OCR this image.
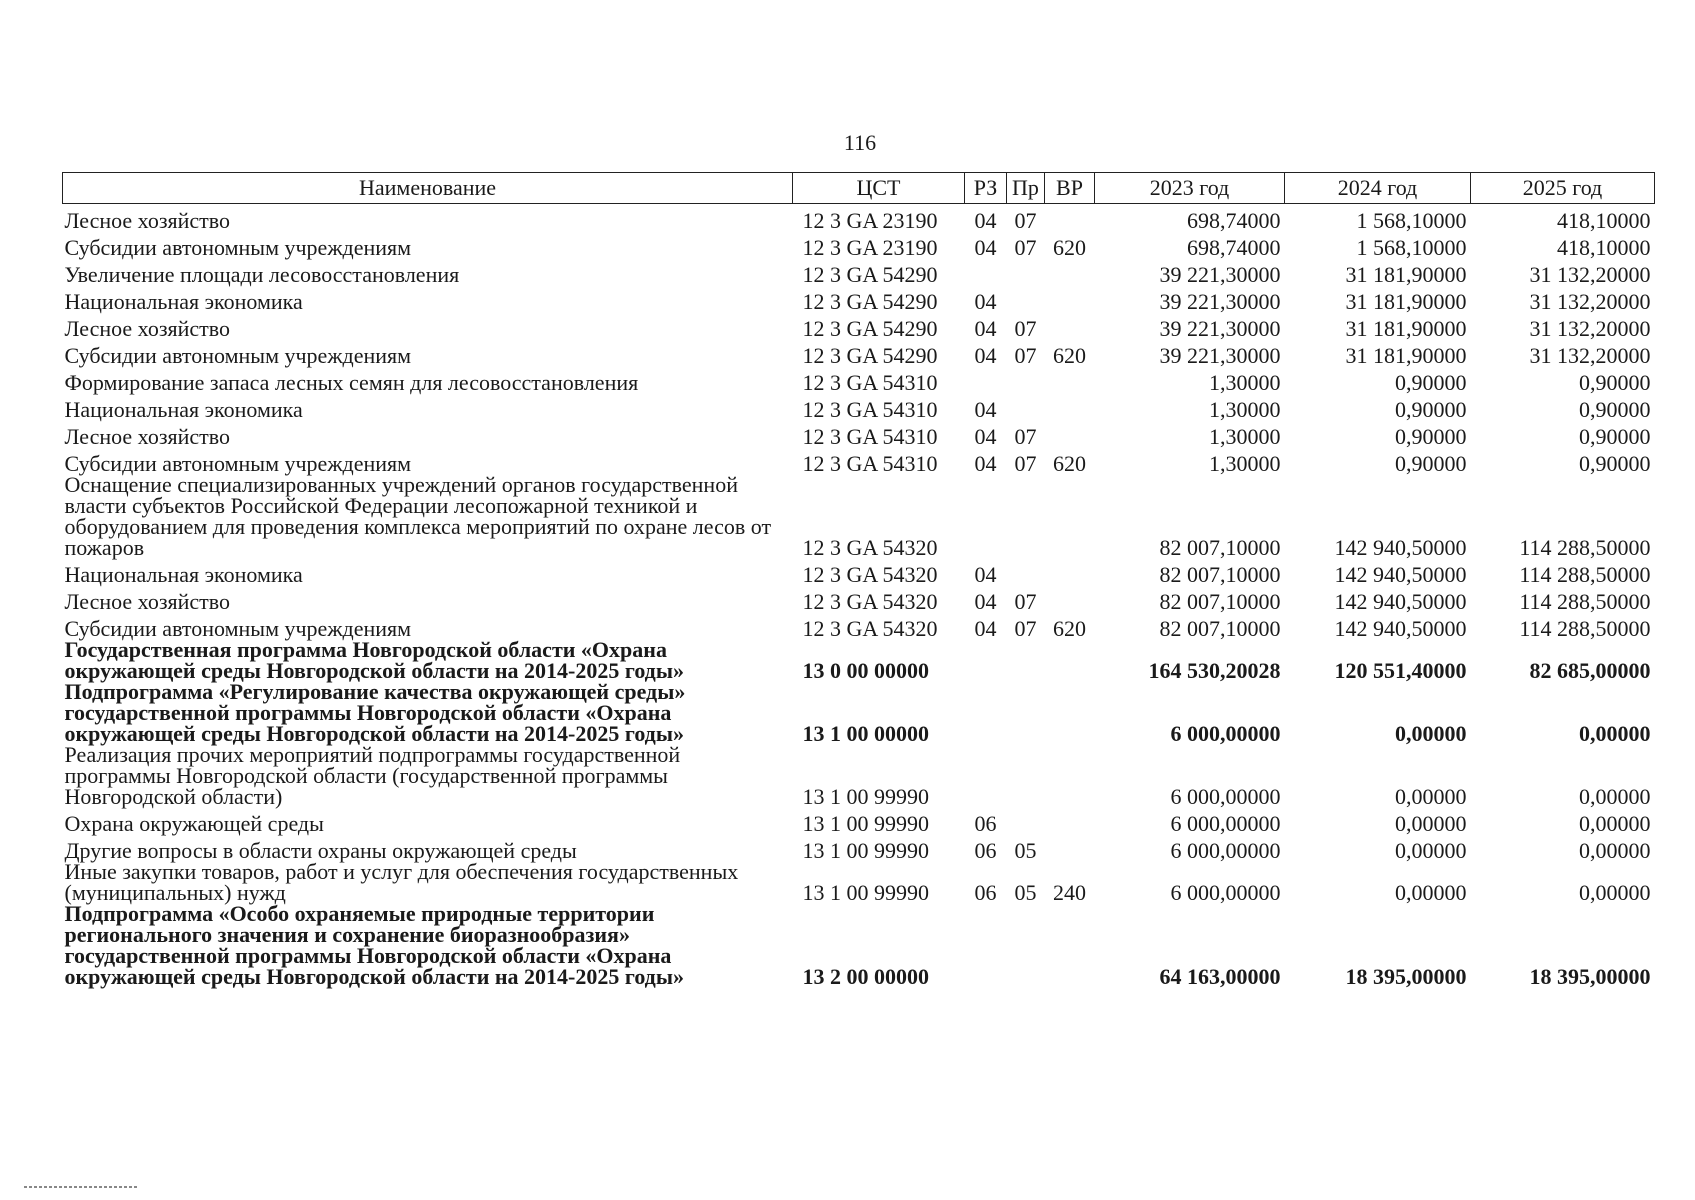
116
Наименование	ЦСТ	РЗ	Пр	ВР	2023 год	2024 год	2025 год
Лесное хозяйство	12 3 GA 23190	04	07		698,74000	1 568,10000	418,10000
Субсидии автономным учреждениям	12 3 GA 23190	04	07	620	698,74000	1 568,10000	418,10000
Увеличение площади лесовосстановления	12 3 GA 54290				39 221,30000	31 181,90000	31 132,20000
Национальная экономика	12 3 GA 54290	04			39 221,30000	31 181,90000	31 132,20000
Лесное хозяйство	12 3 GA 54290	04	07		39 221,30000	31 181,90000	31 132,20000
Субсидии автономным учреждениям	12 3 GA 54290	04	07	620	39 221,30000	31 181,90000	31 132,20000
Формирование запаса лесных семян для лесовосстановления	12 3 GA 54310				1,30000	0,90000	0,90000
Национальная экономика	12 3 GA 54310	04			1,30000	0,90000	0,90000
Лесное хозяйство	12 3 GA 54310	04	07		1,30000	0,90000	0,90000
Субсидии автономным учреждениям	12 3 GA 54310	04	07	620	1,30000	0,90000	0,90000
Оснащение специализированных учреждений органов государственной власти субъектов Российской Федерации лесопожарной техникой и оборудованием для проведения комплекса мероприятий по охране лесов от пожаров	12 3 GA 54320				82 007,10000	142 940,50000	114 288,50000
Национальная экономика	12 3 GA 54320	04			82 007,10000	142 940,50000	114 288,50000
Лесное хозяйство	12 3 GA 54320	04	07		82 007,10000	142 940,50000	114 288,50000
Субсидии автономным учреждениям	12 3 GA 54320	04	07	620	82 007,10000	142 940,50000	114 288,50000
Государственная программа Новгородской области «Охрана окружающей среды Новгородской области на 2014-2025 годы»	13 0 00 00000				164 530,20028	120 551,40000	82 685,00000
Подпрограмма «Регулирование качества окружающей среды» государственной программы Новгородской области «Охрана окружающей среды Новгородской области на 2014-2025 годы»	13 1 00 00000				6 000,00000	0,00000	0,00000
Реализация прочих мероприятий подпрограммы государственной программы Новгородской области (государственной программы Новгородской области)	13 1 00 99990				6 000,00000	0,00000	0,00000
Охрана окружающей среды	13 1 00 99990	06			6 000,00000	0,00000	0,00000
Другие вопросы в области охраны окружающей среды	13 1 00 99990	06	05		6 000,00000	0,00000	0,00000
Иные закупки товаров, работ и услуг для обеспечения государственных (муниципальных) нужд	13 1 00 99990	06	05	240	6 000,00000	0,00000	0,00000
Подпрограмма «Особо охраняемые природные территории регионального значения и сохранение биоразнообразия» государственной программы Новгородской области «Охрана окружающей среды Новгородской области на 2014-2025 годы»	13 2 00 00000				64 163,00000	18 395,00000	18 395,00000
